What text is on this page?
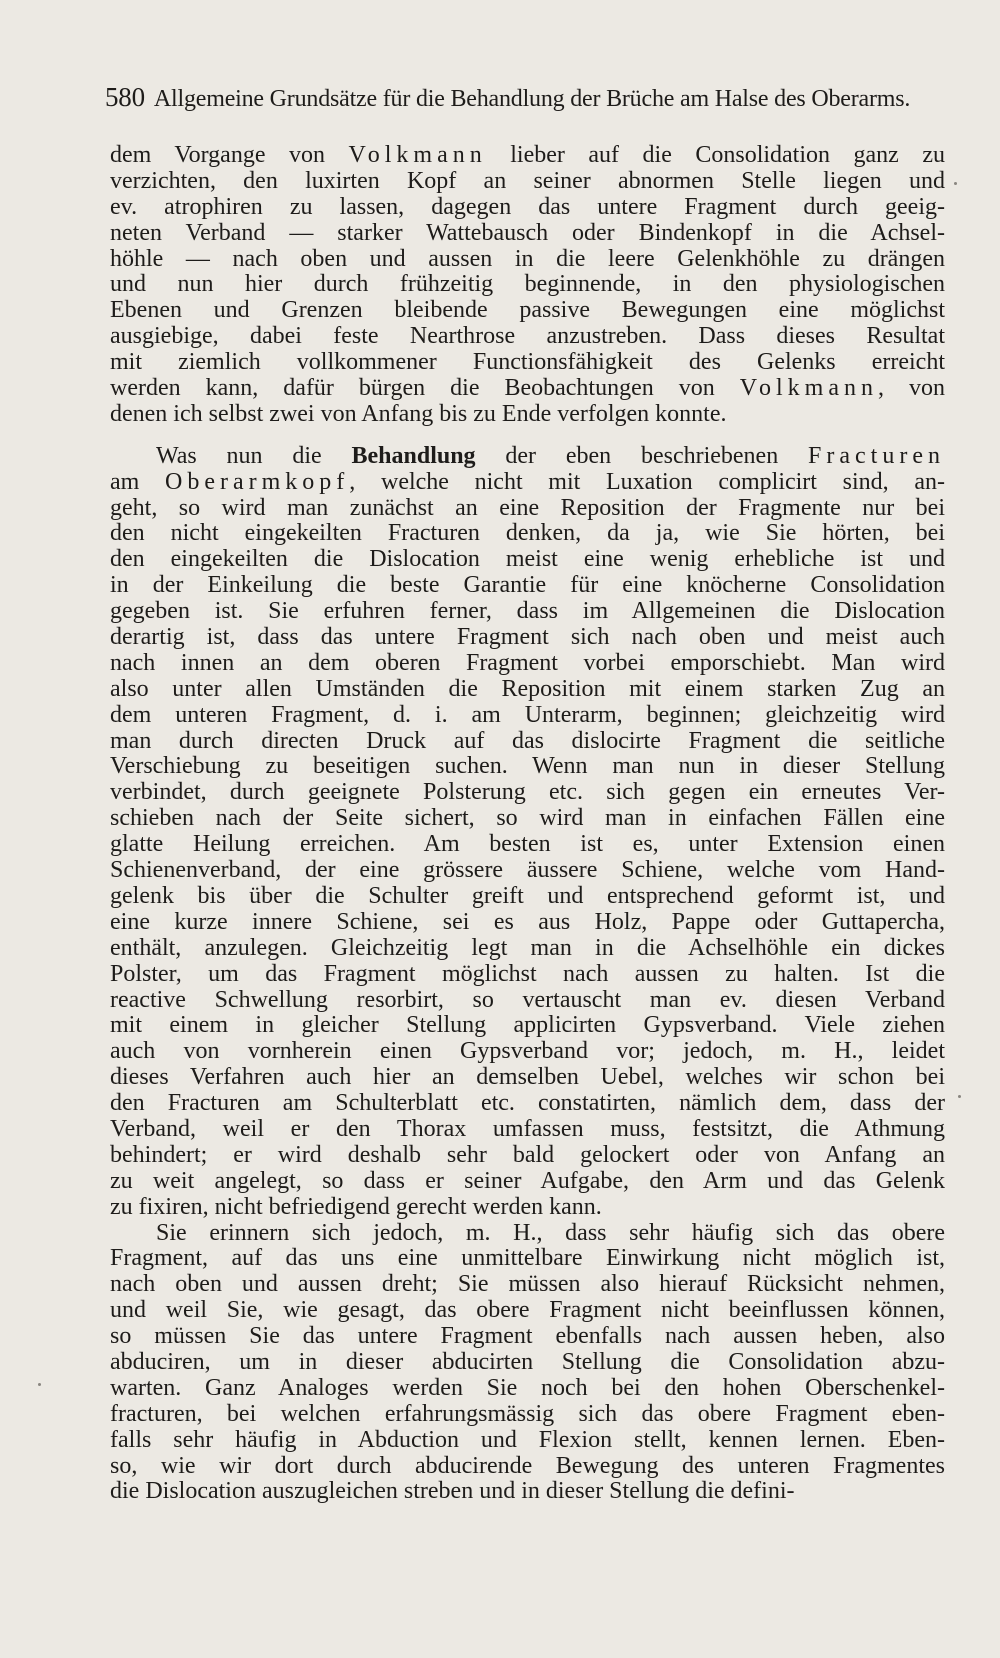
580 Allgemeine Grundsätze für die Behandlung der Brüche am Halse des Oberarms.
dem Vorgange von Volkmann lieber auf die Consolidation ganz zu
verzichten, den luxirten Kopf an seiner abnormen Stelle liegen und
ev. atrophiren zu lassen, dagegen das untere Fragment durch geeig-
neten Verband — starker Wattebausch oder Bindenkopf in die Achsel-
höhle — nach oben und aussen in die leere Gelenkhöhle zu drängen
und nun hier durch frühzeitig beginnende, in den physiologischen
Ebenen und Grenzen bleibende passive Bewegungen eine möglichst
ausgiebige, dabei feste Nearthrose anzustreben. Dass dieses Resultat
mit ziemlich vollkommener Functionsfähigkeit des Gelenks erreicht
werden kann, dafür bürgen die Beobachtungen von Volkmann, von
denen ich selbst zwei von Anfang bis zu Ende verfolgen konnte.
Was nun die Behandlung der eben beschriebenen Fracturen
am Oberarmkopf, welche nicht mit Luxation complicirt sind, an-
geht, so wird man zunächst an eine Reposition der Fragmente nur bei
den nicht eingekeilten Fracturen denken, da ja, wie Sie hörten, bei
den eingekeilten die Dislocation meist eine wenig erhebliche ist und
in der Einkeilung die beste Garantie für eine knöcherne Consolidation
gegeben ist. Sie erfuhren ferner, dass im Allgemeinen die Dislocation
derartig ist, dass das untere Fragment sich nach oben und meist auch
nach innen an dem oberen Fragment vorbei emporschiebt. Man wird
also unter allen Umständen die Reposition mit einem starken Zug an
dem unteren Fragment, d. i. am Unterarm, beginnen; gleichzeitig wird
man durch directen Druck auf das dislocirte Fragment die seitliche
Verschiebung zu beseitigen suchen. Wenn man nun in dieser Stellung
verbindet, durch geeignete Polsterung etc. sich gegen ein erneutes Ver-
schieben nach der Seite sichert, so wird man in einfachen Fällen eine
glatte Heilung erreichen. Am besten ist es, unter Extension einen
Schienenverband, der eine grössere äussere Schiene, welche vom Hand-
gelenk bis über die Schulter greift und entsprechend geformt ist, und
eine kurze innere Schiene, sei es aus Holz, Pappe oder Guttapercha,
enthält, anzulegen. Gleichzeitig legt man in die Achselhöhle ein dickes
Polster, um das Fragment möglichst nach aussen zu halten. Ist die
reactive Schwellung resorbirt, so vertauscht man ev. diesen Verband
mit einem in gleicher Stellung applicirten Gypsverband. Viele ziehen
auch von vornherein einen Gypsverband vor; jedoch, m. H., leidet
dieses Verfahren auch hier an demselben Uebel, welches wir schon bei
den Fracturen am Schulterblatt etc. constatirten, nämlich dem, dass der
Verband, weil er den Thorax umfassen muss, festsitzt, die Athmung
behindert; er wird deshalb sehr bald gelockert oder von Anfang an
zu weit angelegt, so dass er seiner Aufgabe, den Arm und das Gelenk
zu fixiren, nicht befriedigend gerecht werden kann.
Sie erinnern sich jedoch, m. H., dass sehr häufig sich das obere
Fragment, auf das uns eine unmittelbare Einwirkung nicht möglich ist,
nach oben und aussen dreht; Sie müssen also hierauf Rücksicht nehmen,
und weil Sie, wie gesagt, das obere Fragment nicht beeinflussen können,
so müssen Sie das untere Fragment ebenfalls nach aussen heben, also
abduciren, um in dieser abducirten Stellung die Consolidation abzu-
warten. Ganz Analoges werden Sie noch bei den hohen Oberschenkel-
fracturen, bei welchen erfahrungsmässig sich das obere Fragment eben-
falls sehr häufig in Abduction und Flexion stellt, kennen lernen. Eben-
so, wie wir dort durch abducirende Bewegung des unteren Fragmentes
die Dislocation auszugleichen streben und in dieser Stellung die defini-
